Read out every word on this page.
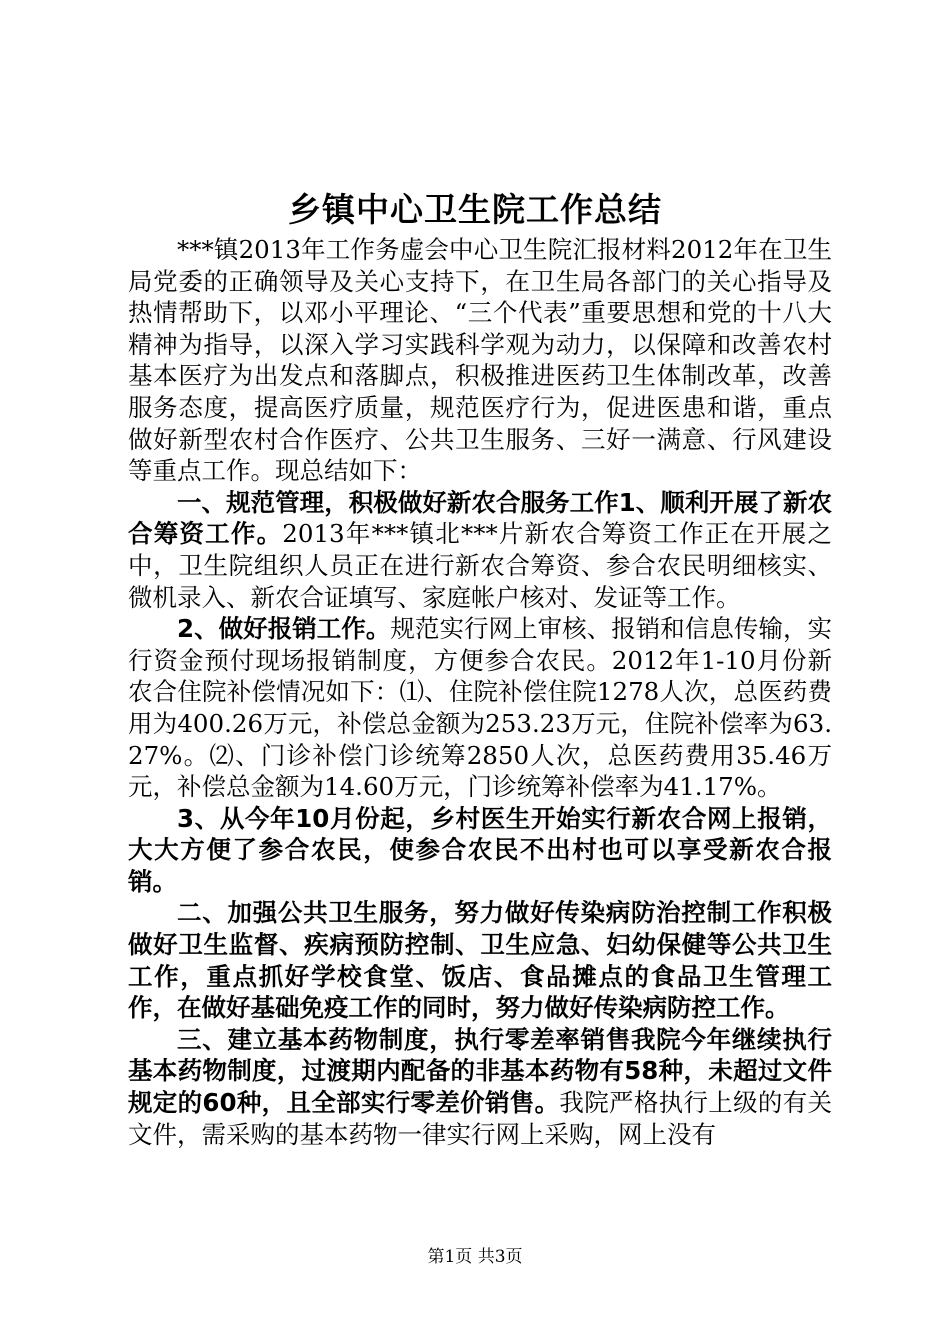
乡镇中心卫生院工作总结

***镇2013年工作务虚会中心卫生院汇报材料2012年在卫生局党委的正确领导及关心支持下，在卫生局各部门的关心指导及热情帮助下，以邓小平理论、“三个代表”重要思想和党的十八大精神为指导，以深入学习实践科学观为动力，以保障和改善农村基本医疗为出发点和落脚点，积极推进医药卫生体制改革，改善服务态度，提高医疗质量，规范医疗行为，促进医患和谐，重点做好新型农村合作医疗、公共卫生服务、三好一满意、行风建设等重点工作。现总结如下：

一、规范管理，积极做好新农合服务工作1、顺利开展了新农合筹资工作。2013年***镇北***片新农合筹资工作正在开展之中，卫生院组织人员正在进行新农合筹资、参合农民明细核实、微机录入、新农合证填写、家庭帐户核对、发证等工作。

2、做好报销工作。规范实行网上审核、报销和信息传输，实行资金预付现场报销制度，方便参合农民。2012年1-10月份新农合住院补偿情况如下：⑴、住院补偿住院1278人次，总医药费用为400.26万元，补偿总金额为253.23万元，住院补偿率为63.27%。⑵、门诊补偿门诊统筹2850人次，总医药费用35.46万元，补偿总金额为14.60万元，门诊统筹补偿率为41.17%。

3、从今年10月份起，乡村医生开始实行新农合网上报销，大大方便了参合农民，使参合农民不出村也可以享受新农合报销。

二、加强公共卫生服务，努力做好传染病防治控制工作积极做好卫生监督、疾病预防控制、卫生应急、妇幼保健等公共卫生工作，重点抓好学校食堂、饭店、食品摊点的食品卫生管理工作，在做好基础免疫工作的同时，努力做好传染病防控工作。

三、建立基本药物制度，执行零差率销售我院今年继续执行基本药物制度，过渡期内配备的非基本药物有58种，未超过文件规定的60种，且全部实行零差价销售。我院严格执行上级的有关文件，需采购的基本药物一律实行网上采购，网上没有

第1页 共3页
